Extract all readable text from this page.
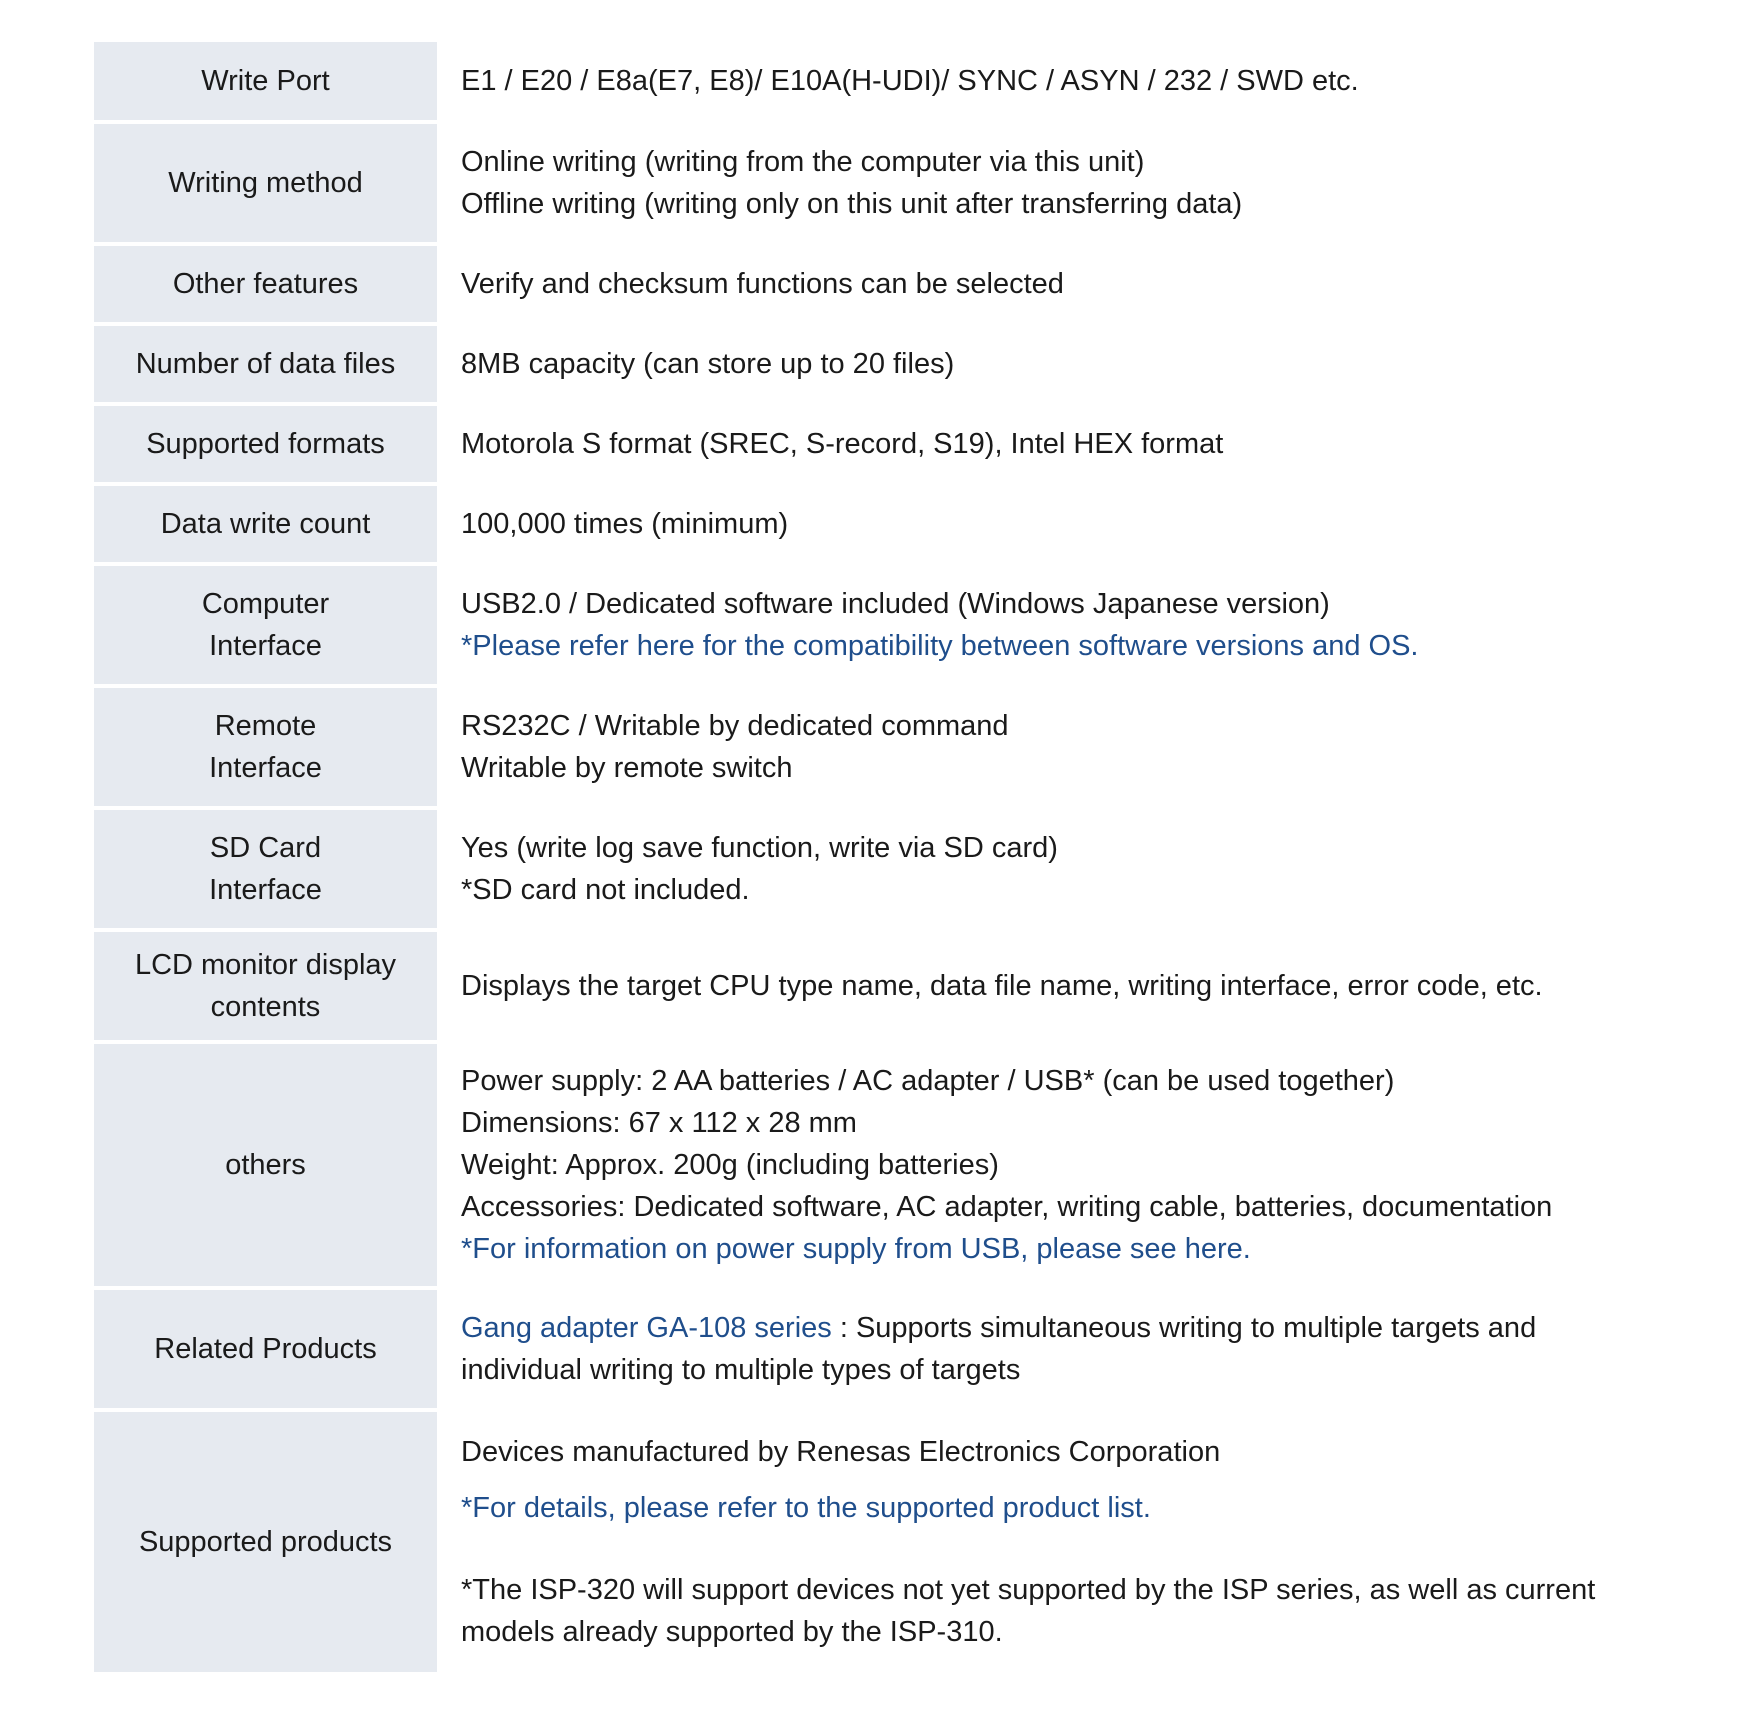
Write Port	E1 / E20 / E8a(E7, E8)/ E10A(H-UDI)/ SYNC / ASYN / 232 / SWD etc.

Writing method	Online writing (writing from the computer via this unit)
Offline writing (writing only on this unit after transferring data)

Other features	Verify and checksum functions can be selected

Number of data files	8MB capacity (can store up to 20 files)

Supported formats	Motorola S format (SREC, S-record, S19), Intel HEX format

Data write count	100,000 times (minimum)

Computer
Interface	USB2.0 / Dedicated software included (Windows Japanese version)
*Please refer here for the compatibility between software versions and OS.

Remote
Interface	RS232C / Writable by dedicated command
Writable by remote switch

SD Card
Interface	Yes (write log save function, write via SD card)
*SD card not included.

LCD monitor display
contents	Displays the target CPU type name, data file name, writing interface, error code, etc.

others	Power supply: 2 AA batteries / AC adapter / USB* (can be used together)
Dimensions: 67 x 112 x 28 mm
Weight: Approx. 200g (including batteries)
Accessories: Dedicated software, AC adapter, writing cable, batteries, documentation
*For information on power supply from USB, please see here.

Related Products	Gang adapter GA-108 series : Supports simultaneous writing to multiple targets and
individual writing to multiple types of targets

Supported products	Devices manufactured by Renesas Electronics Corporation
*For details, please refer to the supported product list.
*The ISP-320 will support devices not yet supported by the ISP series, as well as current
models already supported by the ISP-310.
